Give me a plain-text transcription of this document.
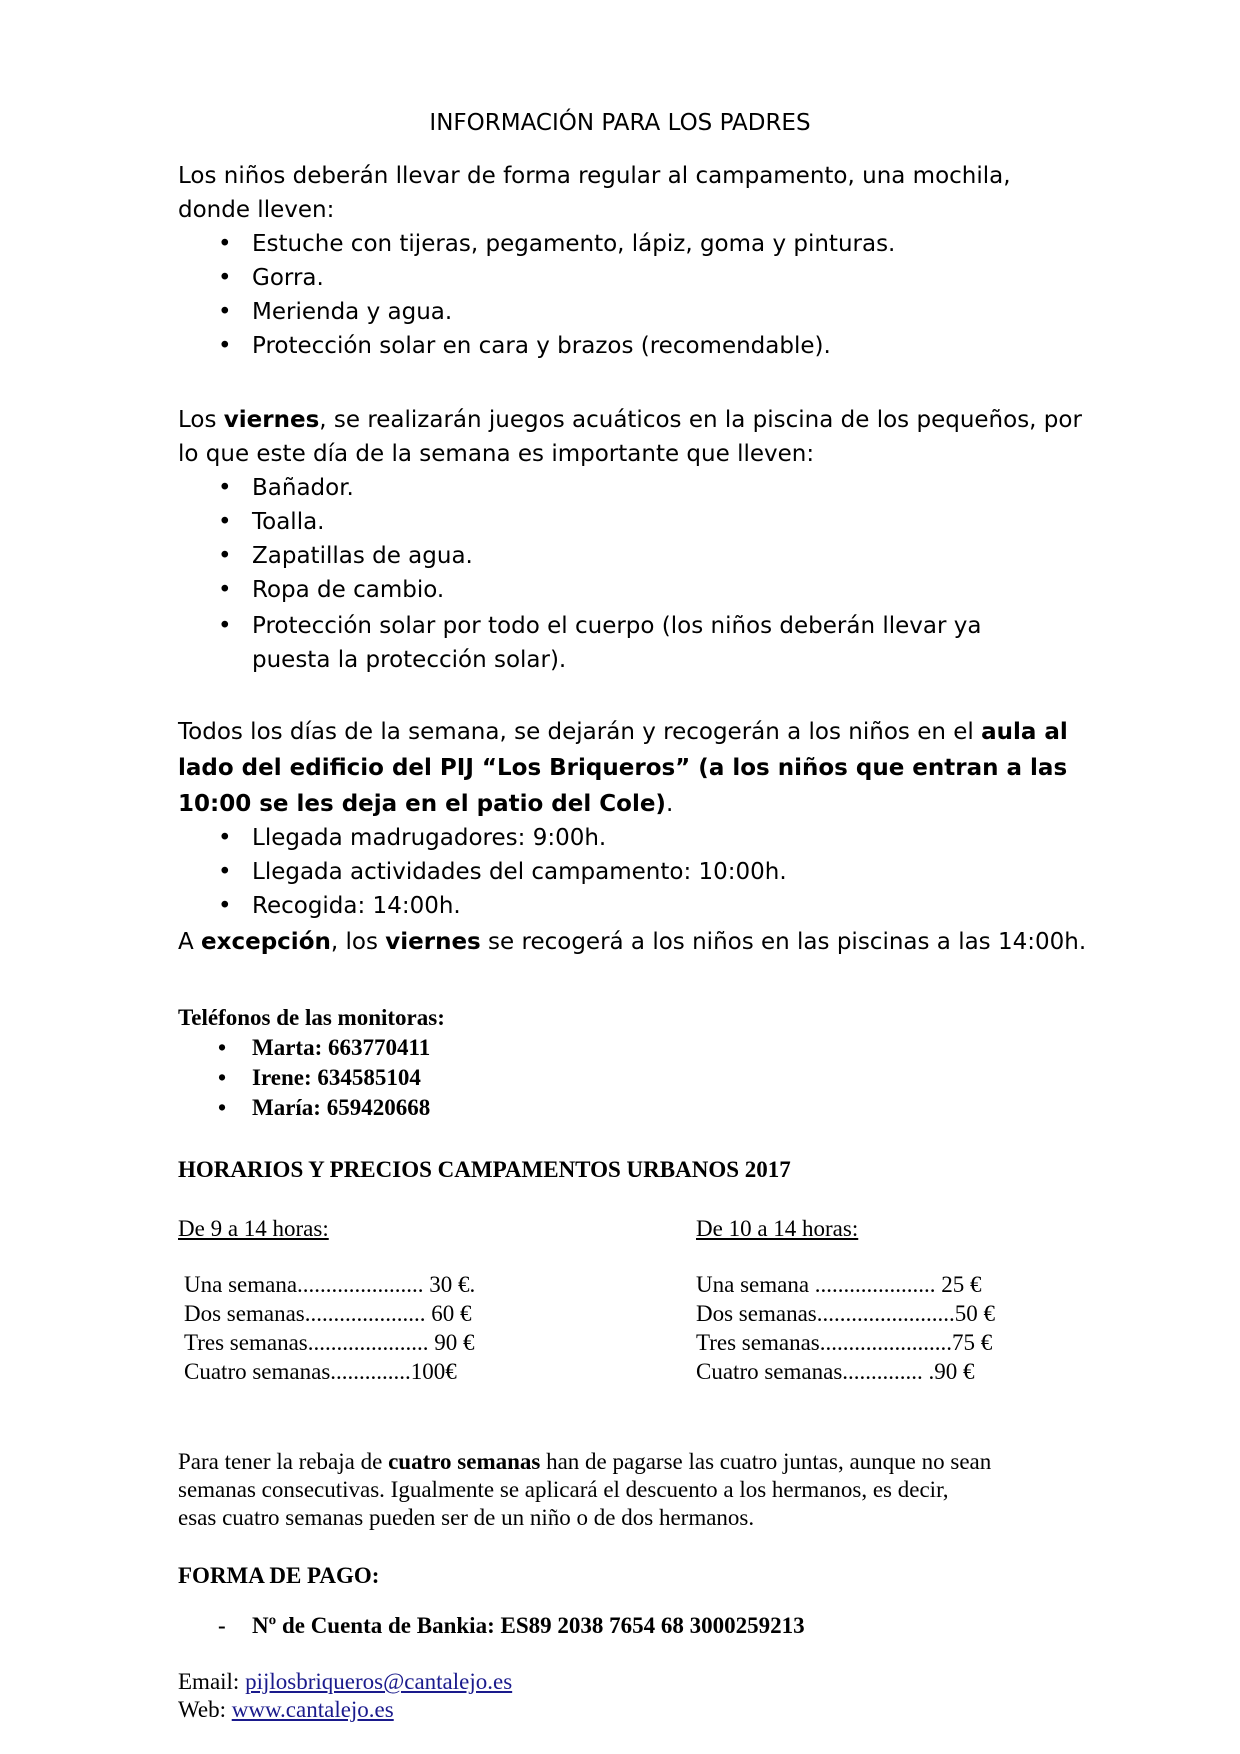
INFORMACIÓN PARA LOS PADRES
Los niños deberán llevar de forma regular al campamento, una mochila,
donde lleven:
• Estuche con tijeras, pegamento, lápiz, goma y pinturas.
• Gorra.
• Merienda y agua.
• Protección solar en cara y brazos (recomendable).
Los viernes, se realizarán juegos acuáticos en la piscina de los pequeños, por
lo que este día de la semana es importante que lleven:
• Bañador.
• Toalla.
• Zapatillas de agua.
• Ropa de cambio.
• Protección solar por todo el cuerpo (los niños deberán llevar ya
puesta la protección solar).
Todos los días de la semana, se dejarán y recogerán a los niños en el aula al
lado del edificio del PIJ “Los Briqueros” (a los niños que entran a las
10:00 se les deja en el patio del Cole).
• Llegada madrugadores: 9:00h.
• Llegada actividades del campamento: 10:00h.
• Recogida: 14:00h.
A excepción, los viernes se recogerá a los niños en las piscinas a las 14:00h.
Teléfonos de las monitoras:
• Marta: 663770411
• Irene: 634585104
• María: 659420668
HORARIOS Y PRECIOS CAMPAMENTOS URBANOS 2017
De 9 a 14 horas:
Una semana...................... 30 €.
Dos semanas..................... 60 €
Tres semanas..................... 90 €
Cuatro semanas..............100€
De 10 a 14 horas:
Una semana ..................... 25 €
Dos semanas........................50 €
Tres semanas.......................75 €
Cuatro semanas.............. .90 €
Para tener la rebaja de cuatro semanas han de pagarse las cuatro juntas, aunque no sean
semanas consecutivas. Igualmente se aplicará el descuento a los hermanos, es decir,
esas cuatro semanas pueden ser de un niño o de dos hermanos.
FORMA DE PAGO:
- Nº de Cuenta de Bankia: ES89 2038 7654 68 3000259213
Email: pijlosbriqueros@cantalejo.es
Web: www.cantalejo.es
